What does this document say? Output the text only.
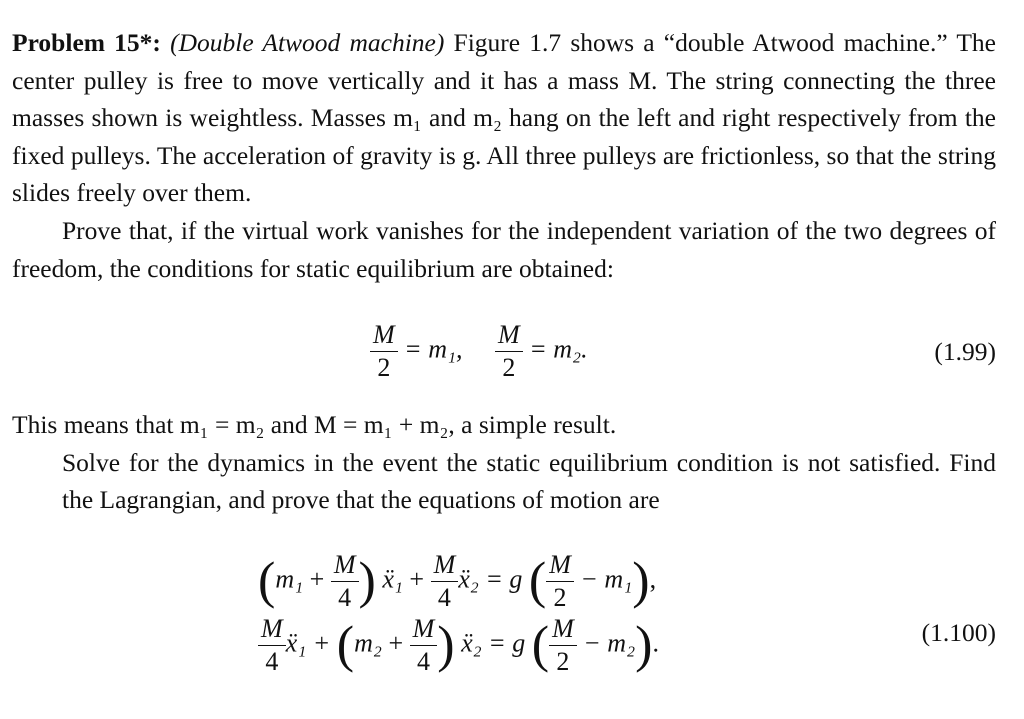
Problem 15*: (Double Atwood machine) Figure 1.7 shows a “double Atwood machine.” The center pulley is free to move vertically and it has a mass M. The string connecting the three masses shown is weightless. Masses m₁ and m₂ hang on the left and right respectively from the fixed pulleys. The acceleration of gravity is g. All three pulleys are frictionless, so that the string slides freely over them.

Prove that, if the virtual work vanishes for the independent variation of the two degrees of freedom, the conditions for static equilibrium are obtained:

$\frac{M}{2} = m_1$, $\frac{M}{2} = m_2$.	(1.99)

This means that m₁ = m₂ and M = m₁ + m₂, a simple result.
Solve for the dynamics in the event the static equilibrium condition is not satisfied. Find the Lagrangian, and prove that the equations of motion are

($m_1 + \frac{M}{4}$ ) ẍ₁ + $\frac{M}{4}$ ẍ₂ = g ( $\frac{M}{2} - m_1$),
$\frac{M}{4}$ ẍ₁ + ($m_2 + \frac{M}{4}$ ) ẍ₂ = g ( $\frac{M}{2} - m_2$).	(1.100)
